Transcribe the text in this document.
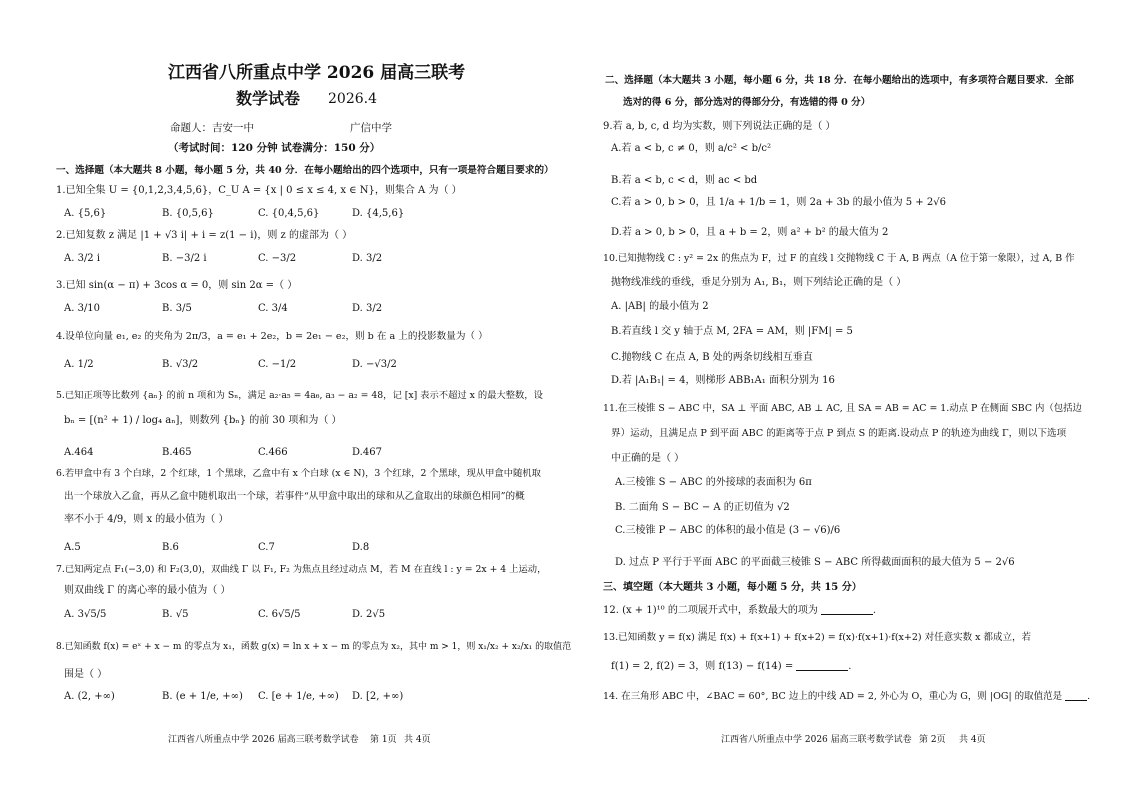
江西省八所重点中学 2026 届高三联考
数学试卷 2026.4
命题人：吉安一中	广信中学
（考试时间：120 分钟 试卷满分：150 分）
一、选择题（本大题共 8 小题，每小题 5 分，共 40 分．在每小题给出的四个选项中，只有一项是符合题目要求的）
1.已知全集 U = {0,1,2,3,4,5,6}，C_U A = {x | 0 ≤ x ≤ 4, x ∈ N}，则集合 A 为（ ）
A. {5,6}	B. {0,5,6}	C. {0,4,5,6}	D. {4,5,6}
2.已知复数 z 满足 |1 + √3 i| + i = z(1 − i)，则 z 的虚部为（ ）
A. 3/2 i	B. −3/2 i	C. −3/2	D. 3/2
3.已知 sin(α − π) + 3cos α = 0，则 sin 2α =（ ）
A. 3/10	B. 3/5	C. 3/4	D. 3/2
4.设单位向量 e₁, e₂ 的夹角为 2π/3，a = e₁ + 2e₂，b = 2e₁ − e₂，则 b 在 a 上的投影数量为（ ）
A. 1/2	B. √3/2	C. −1/2	D. −√3/2
5.已知正项等比数列 {aₙ} 的前 n 项和为 Sₙ，满足 a₂·a₅ = 4a₆, a₃ − a₂ = 48，记 [x] 表示不超过 x 的最大整数，设
bₙ = [(n² + 1) / log₄ aₙ]，则数列 {bₙ} 的前 30 项和为（ ）
A.464	B.465	C.466	D.467
6.若甲盒中有 3 个白球，2 个红球，1 个黑球，乙盒中有 x 个白球 (x ∈ N)，3 个红球，2 个黑球，现从甲盒中随机取
出一个球放入乙盒，再从乙盒中随机取出一个球，若事件“从甲盒中取出的球和从乙盒取出的球颜色相同”的概
率不小于 4/9，则 x 的最小值为（ ）
A.5	B.6	C.7	D.8
7.已知两定点 F₁(−3,0) 和 F₂(3,0)，双曲线 Γ 以 F₁, F₂ 为焦点且经过动点 M，若 M 在直线 l : y = 2x + 4 上运动，
则双曲线 Γ 的离心率的最小值为（ ）
A. 3√5/5	B. √5	C. 6√5/5	D. 2√5
8.已知函数 f(x) = eˣ + x − m 的零点为 x₁，函数 g(x) = ln x + x − m 的零点为 x₂，其中 m > 1，则 x₁/x₂ + x₂/x₁ 的取值范
围是（ ）
A. (2, +∞)	B. (e + 1/e, +∞) C. [e + 1/e, +∞) D. [2, +∞)
江西省八所重点中学 2026 届高三联考数学试卷 第 1页 共 4页
二、选择题（本大题共 3 小题，每小题 6 分，共 18 分．在每小题给出的选项中，有多项符合题目要求．全部
选对的得 6 分，部分选对的得部分分，有选错的得 0 分）
9.若 a, b, c, d 均为实数，则下列说法正确的是（ ）
A.若 a < b, c ≠ 0，则 a/c² < b/c²
B.若 a < b, c < d，则 ac < bd
C.若 a > 0, b > 0，且 1/a + 1/b = 1，则 2a + 3b 的最小值为 5 + 2√6
D.若 a > 0, b > 0，且 a + b = 2，则 a² + b² 的最大值为 2
10.已知抛物线 C : y² = 2x 的焦点为 F，过 F 的直线 l 交抛物线 C 于 A, B 两点（A 位于第一象限），过 A, B 作
抛物线准线的垂线，垂足分别为 A₁, B₁，则下列结论正确的是（ ）
A. |AB| 的最小值为 2
B.若直线 l 交 y 轴于点 M, 2FA = AM，则 |FM| = 5
C.抛物线 C 在点 A, B 处的两条切线相互垂直
D.若 |A₁B₁| = 4，则梯形 ABB₁A₁ 面积分别为 16
11.在三棱锥 S − ABC 中，SA ⊥ 平面 ABC, AB ⊥ AC, 且 SA = AB = AC = 1.动点 P 在侧面 SBC 内（包括边
界）运动，且满足点 P 到平面 ABC 的距离等于点 P 到点 S 的距离.设动点 P 的轨迹为曲线 Γ，则以下选项
中正确的是（ ）
A.三棱锥 S − ABC 的外接球的表面积为 6π
B. 二面角 S − BC − A 的正切值为 √2
C.三棱锥 P − ABC 的体积的最小值是 (3 − √6)/6
D. 过点 P 平行于平面 ABC 的平面截三棱锥 S − ABC 所得截面面积的最大值为 5 − 2√6
三、填空题（本大题共 3 小题，每小题 5 分，共 15 分）
12. (x + 1)¹⁰ 的二项展开式中，系数最大的项为	.
13.已知函数 y = f(x) 满足 f(x) + f(x+1) + f(x+2) = f(x)·f(x+1)·f(x+2) 对任意实数 x 都成立，若
f(1) = 2, f(2) = 3，则 f(13) − f(14) =	.
14. 在三角形 ABC 中，∠BAC = 60°, BC 边上的中线 AD = 2, 外心为 O，重心为 G，则 |OG| 的取值范是	.
江西省八所重点中学 2026 届高三联考数学试卷 第 2页 共 4页
